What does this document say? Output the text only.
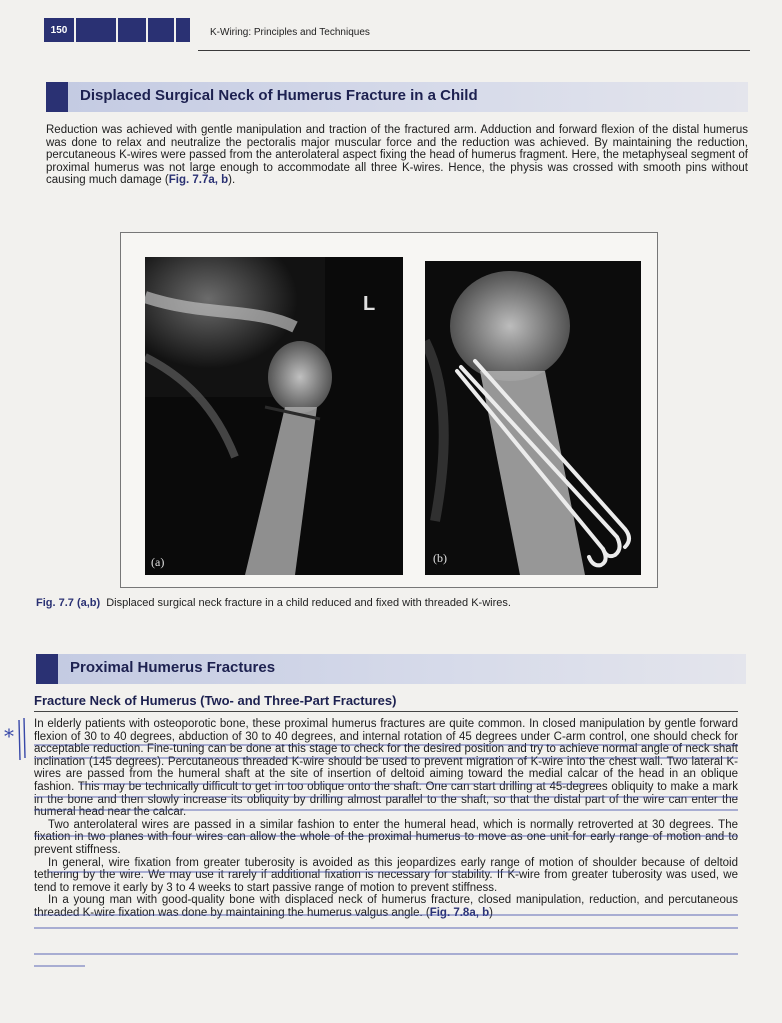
150	K-Wiring: Principles and Techniques
Displaced Surgical Neck of Humerus Fracture in a Child

Reduction was achieved with gentle manipulation and traction of the fractured arm. Adduction and forward flexion of the distal humerus was done to relax and neutralize the pectoralis major muscular force and the reduction was achieved. By maintaining the reduction, percutaneous K-wires were passed from the anterolateral aspect fixing the head of humerus fragment. Here, the metaphyseal segment of proximal humerus was not large enough to accommodate all three K-wires. Hence, the physis was crossed with smooth pins without causing much damage (Fig. 7.7a, b).

L
(a)	(b)
Fig. 7.7 (a,b) Displaced surgical neck fracture in a child reduced and fixed with threaded K-wires.
Proximal Humerus Fractures
Fracture Neck of Humerus (Two- and Three-Part Fractures)

In elderly patients with osteoporotic bone, these proximal humerus fractures are quite common. In closed manipulation by gentle forward flexion of 30 to 40 degrees, abduction of 30 to 40 degrees, and internal rotation of 45 degrees under C-arm control, one should check for acceptable reduction. Fine-tuning can be done at this stage to check for the desired position and try to achieve normal angle of neck shaft inclination (145 degrees). Percutaneous threaded K-wire should be used to prevent migration of K-wire into the chest wall. Two lateral K-wires are passed from the humeral shaft at the site of insertion of deltoid aiming toward the medial calcar of the head in an oblique fashion. This may be technically difficult to get in too oblique onto the shaft. One can start drilling at 45-degrees obliquity to make a mark in the bone and then slowly increase its obliquity by drilling almost parallel to the shaft, so that the distal part of the wire can enter the humeral head near the calcar.

Two anterolateral wires are passed in a similar fashion to enter the humeral head, which is normally retroverted at 30 degrees. The fixation in two planes with four wires can allow the whole of the proximal humerus to move as one unit for early range of motion and to prevent stiffness.

In general, wire fixation from greater tuberosity is avoided as this jeopardizes early range of motion of shoulder because of deltoid tethering by the wire. We may use it rarely if additional fixation is necessary for stability. If K-wire from greater tuberosity was used, we tend to remove it early by 3 to 4 weeks to start passive range of motion to prevent stiffness.

In a young man with good-quality bone with displaced neck of humerus fracture, closed manipulation, reduction, and percutaneous threaded K-wire fixation was done by maintaining the humerus valgus angle. (Fig. 7.8a, b)

*
